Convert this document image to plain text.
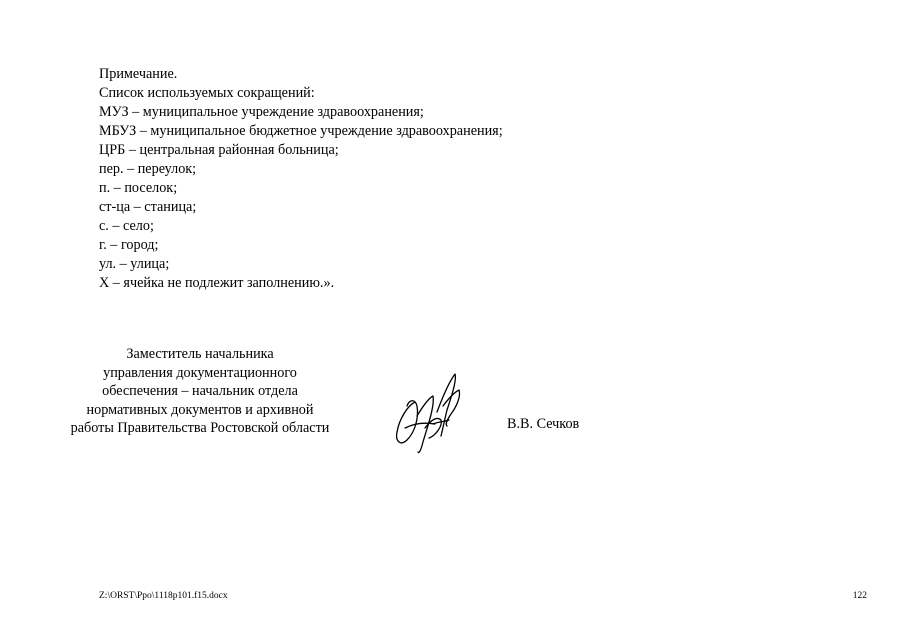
Примечание.
Список используемых сокращений:
МУЗ – муниципальное учреждение здравоохранения;
МБУЗ – муниципальное бюджетное учреждение здравоохранения;
ЦРБ – центральная районная больница;
пер. – переулок;
п. – поселок;
ст-ца – станица;
с. – село;
г. – город;
ул. – улица;
Х – ячейка не подлежит заполнению.».
Заместитель начальника
управления документационного
обеспечения – начальник отдела
нормативных документов и архивной
работы Правительства Ростовской области	В.В. Сечков
Z:\ORST\Ppo\1118p101.f15.docx	122
